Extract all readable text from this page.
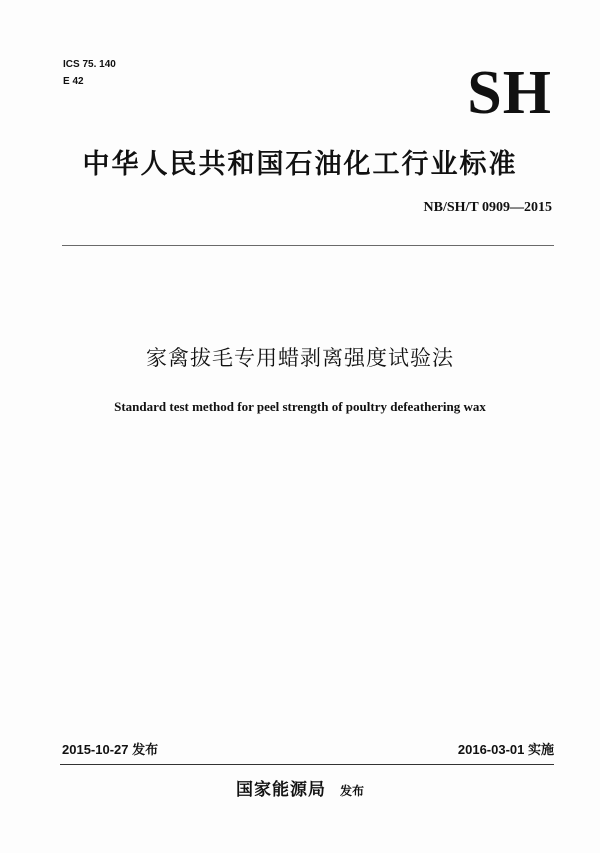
ICS 75. 140
E 42	SH
中华人民共和国石油化工行业标准
NB/SH/T 0909—2015
家禽拔毛专用蜡剥离强度试验法
Standard test method for peel strength of poultry defeathering wax
2015-10-27 发布	2016-03-01 实施
国家能源局 发布
